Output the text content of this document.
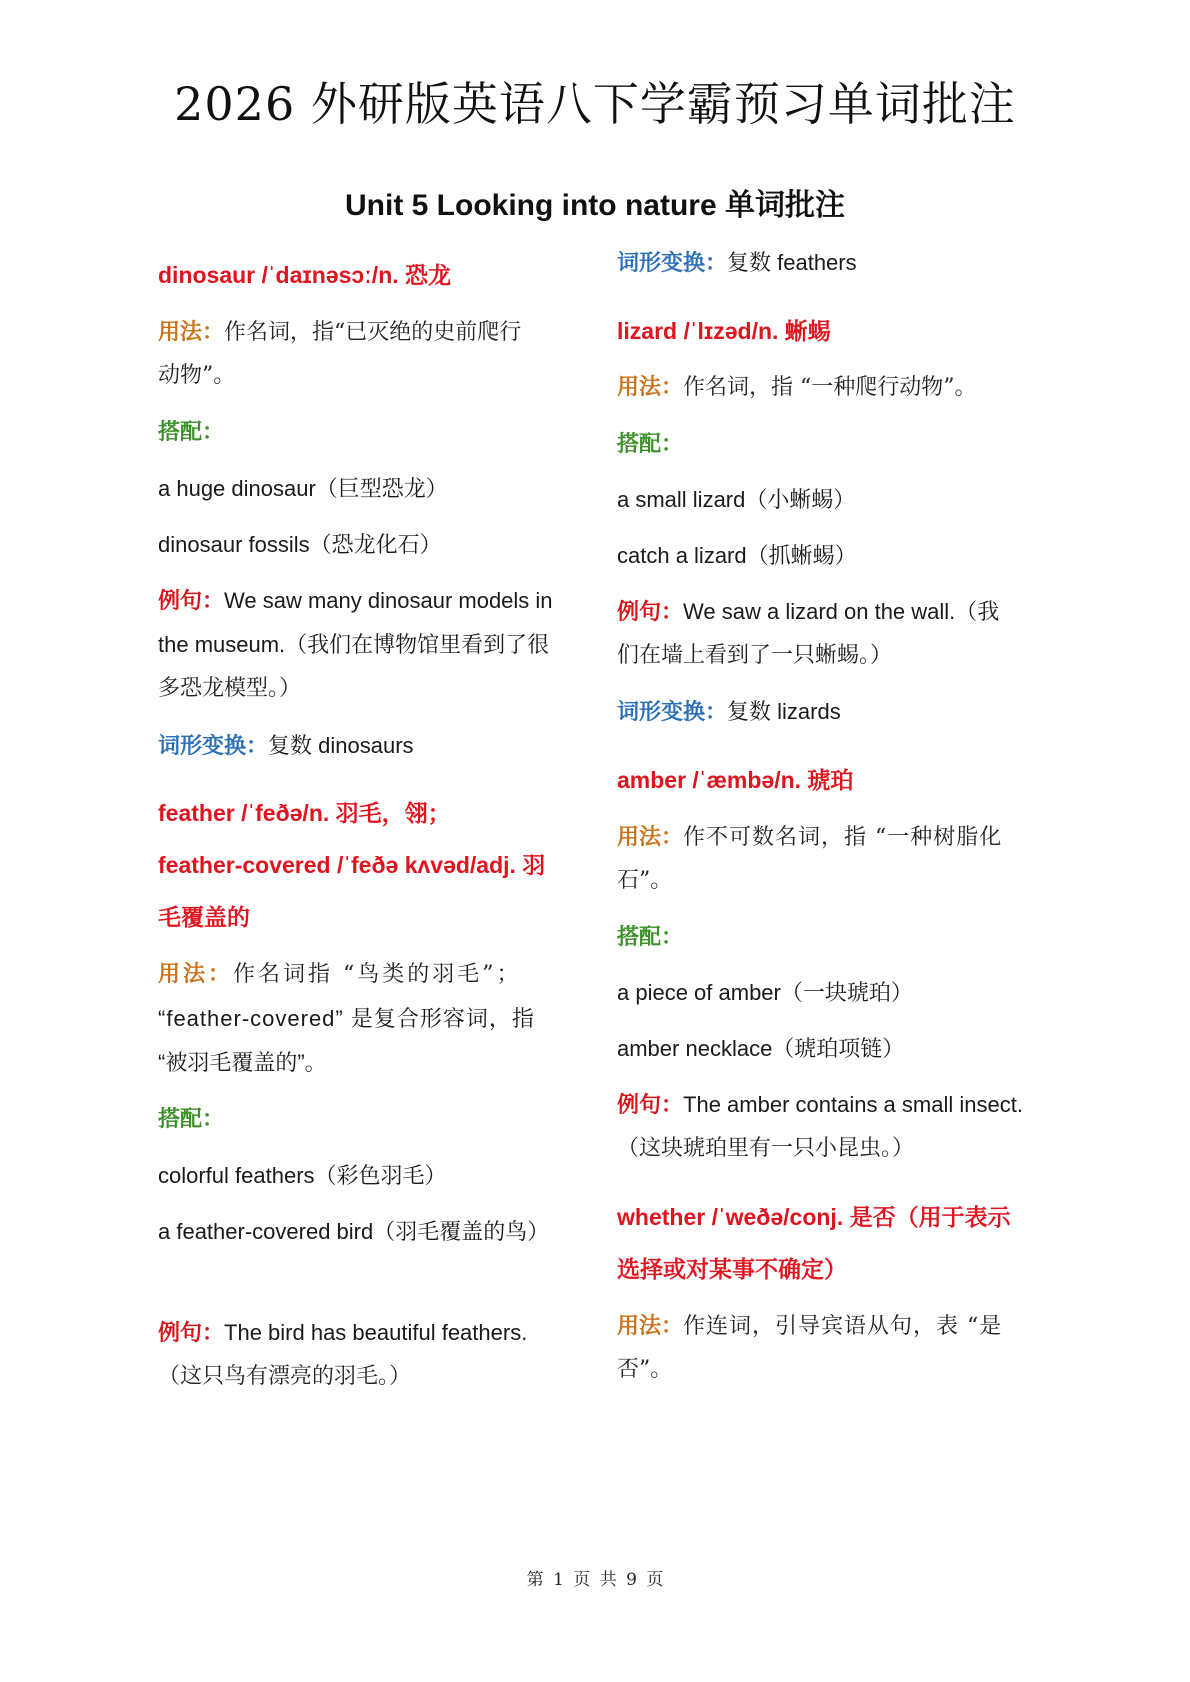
2026 外研版英语八下学霸预习单词批注
Unit 5 Looking into nature 单词批注
dinosaur /ˈdaɪnəsɔː/n. 恐龙
用法：作名词，指“已灭绝的史前爬行
动物”。
搭配：
a huge dinosaur（巨型恐龙）
dinosaur fossils（恐龙化石）
例句：We saw many dinosaur models in
the museum.（我们在博物馆里看到了很
多恐龙模型。）
词形变换：复数 dinosaurs
feather /ˈfeðə/n. 羽毛，翎；
feather-covered /ˈfeðə kʌvəd/adj. 羽
毛覆盖的
用法：作名词指 “鸟类的羽毛”；
“feather-covered” 是复合形容词，指
“被羽毛覆盖的”。
搭配：
colorful feathers（彩色羽毛）
a feather-covered bird（羽毛覆盖的鸟）
例句：The bird has beautiful feathers.
（这只鸟有漂亮的羽毛。）
词形变换：复数 feathers
lizard /ˈlɪzəd/n. 蜥蜴
用法：作名词，指 “一种爬行动物”。
搭配：
a small lizard（小蜥蜴）
catch a lizard（抓蜥蜴）
例句：We saw a lizard on the wall.（我
们在墙上看到了一只蜥蜴。）
词形变换：复数 lizards
amber /ˈæmbə/n. 琥珀
用法：作不可数名词，指 “一种树脂化
石”。
搭配：
a piece of amber（一块琥珀）
amber necklace（琥珀项链）
例句：The amber contains a small insect.
（这块琥珀里有一只小昆虫。）
whether /ˈweðə/conj. 是否（用于表示
选择或对某事不确定）
用法：作连词，引导宾语从句，表 “是
否”。
第 1 页 共 9 页
